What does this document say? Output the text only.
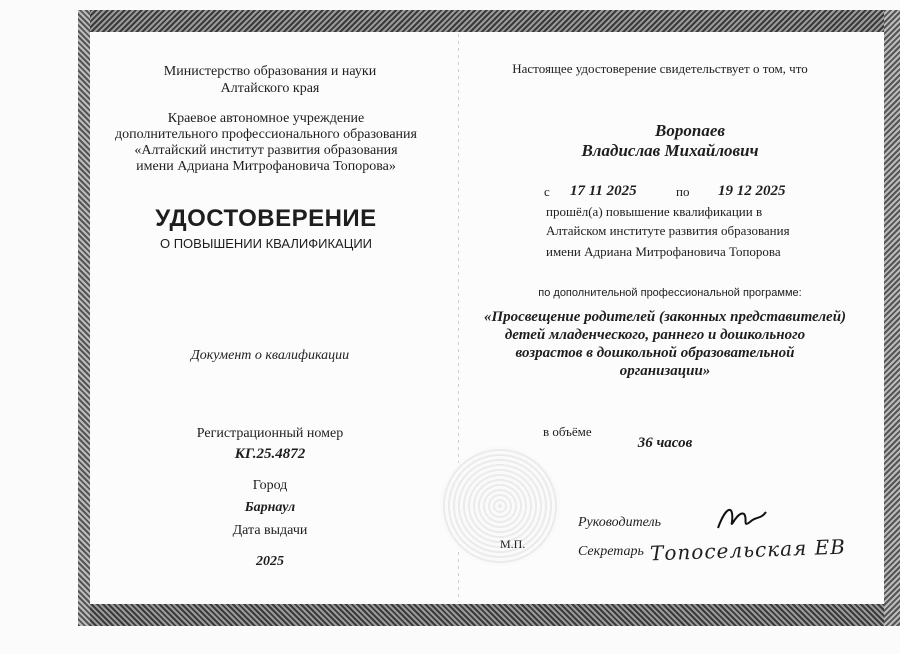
Министерство образования и науки
Алтайского края
Краевое автономное учреждение
дополнительного профессионального образования
«Алтайский институт развития образования
имени Адриана Митрофановича Топорова»
УДОСТОВЕРЕНИЕ
О ПОВЫШЕНИИ КВАЛИФИКАЦИИ
Документ о квалификации
Регистрационный номер
КГ.25.4872
Город
Барнаул
Дата выдачи
2025
Настоящее удостоверение свидетельствует о том, что
Воропаев
Владислав Михайлович
с 17 11 2025	по 19 12 2025
прошёл(а) повышение квалификации в
Алтайском институте развития образования
имени Адриана Митрофановича Топорова
по дополнительной профессиональной программе:
«Просвещение родителей (законных представителей)
детей младенческого, раннего и дошкольного
возрастов в дошкольной образовательной
организации»
в объёме
36 часов
М.П.
Руководитель
Секретарь Топосельская ЕВ
